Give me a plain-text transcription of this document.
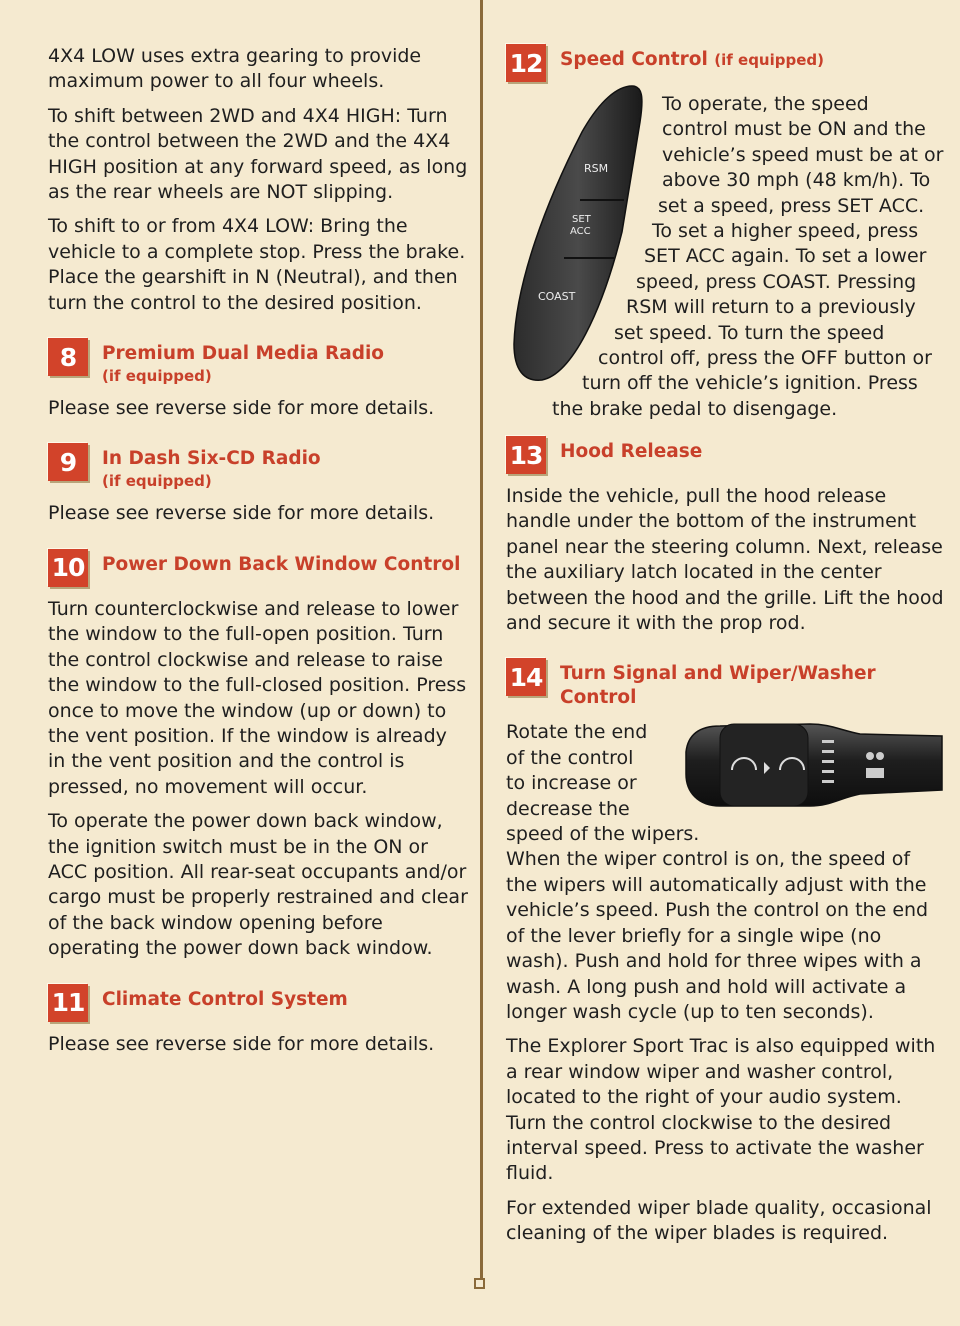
4X4 LOW uses extra gearing to provide maximum power to all four wheels.

To shift between 2WD and 4X4 HIGH: Turn the control between the 2WD and the 4X4 HIGH position at any forward speed, as long as the rear wheels are NOT slipping.

To shift to or from 4X4 LOW: Bring the vehicle to a complete stop. Press the brake. Place the gearshift in N (Neutral), and then turn the control to the desired position.

8	Premium Dual Media Radio
(if equipped)

Please see reverse side for more details.

9	In Dash Six-CD Radio
(if equipped)

Please see reverse side for more details.

10 Power Down Back Window Control

Turn counterclockwise and release to lower the window to the full-open position. Turn the control clockwise and release to raise the window to the full-closed position. Press once to move the window (up or down) to the vent position. If the window is already in the vent position and the control is pressed, no movement will occur.

To operate the power down back window, the ignition switch must be in the ON or ACC position. All rear-seat occupants and/or cargo must be properly restrained and clear of the back window opening before operating the power down back window.

11 Climate Control System

Please see reverse side for more details.

12 Speed Control (if equipped)
RSM
SET
ACC
COAST
To operate, the speed
control must be ON and the
vehicle’s speed must be at or
above 30 mph (48 km/h). To
set a speed, press SET ACC.
To set a higher speed, press
SET ACC again. To set a lower
speed, press COAST. Pressing
RSM will return to a previously
set speed. To turn the speed
control off, press the OFF button or
turn off the vehicle’s ignition. Press
the brake pedal to disengage.
13 Hood Release

Inside the vehicle, pull the hood release handle under the bottom of the instrument panel near the steering column. Next, release the auxiliary latch located in the center between the hood and the grille. Lift the hood and secure it with the prop rod.

14 Turn Signal and Wiper/Washer Control

Rotate the end
of the control
to increase or
decrease the
speed of the wipers.

When the wiper control is on, the speed of the wipers will automatically adjust with the vehicle’s speed. Push the control on the end of the lever briefly for a single wipe (no wash). Push and hold for three wipes with a wash. A long push and hold will activate a longer wash cycle (up to ten seconds).

The Explorer Sport Trac is also equipped with a rear window wiper and washer control, located to the right of your audio system. Turn the control clockwise to the desired interval speed. Press to activate the washer fluid.

For extended wiper blade quality, occasional cleaning of the wiper blades is required.
